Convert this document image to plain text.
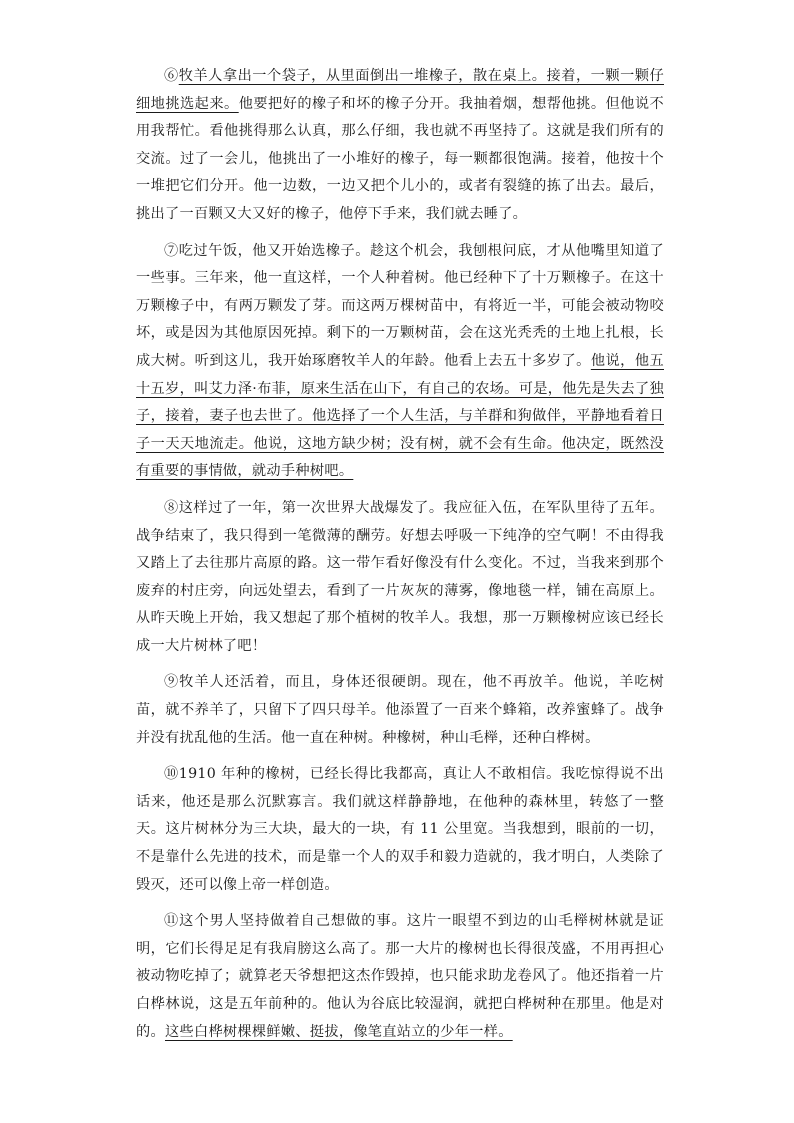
⑥牧羊人拿出一个袋子，从里面倒出一堆橡子，散在桌上。接着，一颗一颗仔细地挑选起来。他要把好的橡子和坏的橡子分开。我抽着烟，想帮他挑。但他说不用我帮忙。看他挑得那么认真，那么仔细，我也就不再坚持了。这就是我们所有的交流。过了一会儿，他挑出了一小堆好的橡子，每一颗都很饱满。接着，他按十个一堆把它们分开。他一边数，一边又把个儿小的，或者有裂缝的拣了出去。最后，挑出了一百颗又大又好的橡子，他停下手来，我们就去睡了。

⑦吃过午饭，他又开始选橡子。趁这个机会，我刨根问底，才从他嘴里知道了一些事。三年来，他一直这样，一个人种着树。他已经种下了十万颗橡子。在这十万颗橡子中，有两万颗发了芽。而这两万棵树苗中，有将近一半，可能会被动物咬坏，或是因为其他原因死掉。剩下的一万颗树苗，会在这光秃秃的土地上扎根，长成大树。听到这儿，我开始琢磨牧羊人的年龄。他看上去五十多岁了。他说，他五十五岁，叫艾力泽·布菲，原来生活在山下，有自己的农场。可是，他先是失去了独子，接着，妻子也去世了。他选择了一个人生活，与羊群和狗做伴，平静地看着日子一天天地流走。他说，这地方缺少树；没有树，就不会有生命。他决定，既然没有重要的事情做，就动手种树吧。

⑧这样过了一年，第一次世界大战爆发了。我应征入伍，在军队里待了五年。战争结束了，我只得到一笔微薄的酬劳。好想去呼吸一下纯净的空气啊！不由得我又踏上了去往那片高原的路。这一带乍看好像没有什么变化。不过，当我来到那个废弃的村庄旁，向远处望去，看到了一片灰灰的薄雾，像地毯一样，铺在高原上。从昨天晚上开始，我又想起了那个植树的牧羊人。我想，那一万颗橡树应该已经长成一大片树林了吧！

⑨牧羊人还活着，而且，身体还很硬朗。现在，他不再放羊。他说，羊吃树苗，就不养羊了，只留下了四只母羊。他添置了一百来个蜂箱，改养蜜蜂了。战争并没有扰乱他的生活。他一直在种树。种橡树，种山毛榉，还种白桦树。

⑩1910 年种的橡树，已经长得比我都高，真让人不敢相信。我吃惊得说不出话来，他还是那么沉默寡言。我们就这样静静地，在他种的森林里，转悠了一整天。这片树林分为三大块，最大的一块，有 11 公里宽。当我想到，眼前的一切，不是靠什么先进的技术，而是靠一个人的双手和毅力造就的，我才明白，人类除了毁灭，还可以像上帝一样创造。

⑪这个男人坚持做着自己想做的事。这片一眼望不到边的山毛榉树林就是证明，它们长得足足有我肩膀这么高了。那一大片的橡树也长得很茂盛，不用再担心被动物吃掉了；就算老天爷想把这杰作毁掉，也只能求助龙卷风了。他还指着一片白桦林说，这是五年前种的。他认为谷底比较湿润，就把白桦树种在那里。他是对的。这些白桦树棵棵鲜嫩、挺拔，像笔直站立的少年一样。
